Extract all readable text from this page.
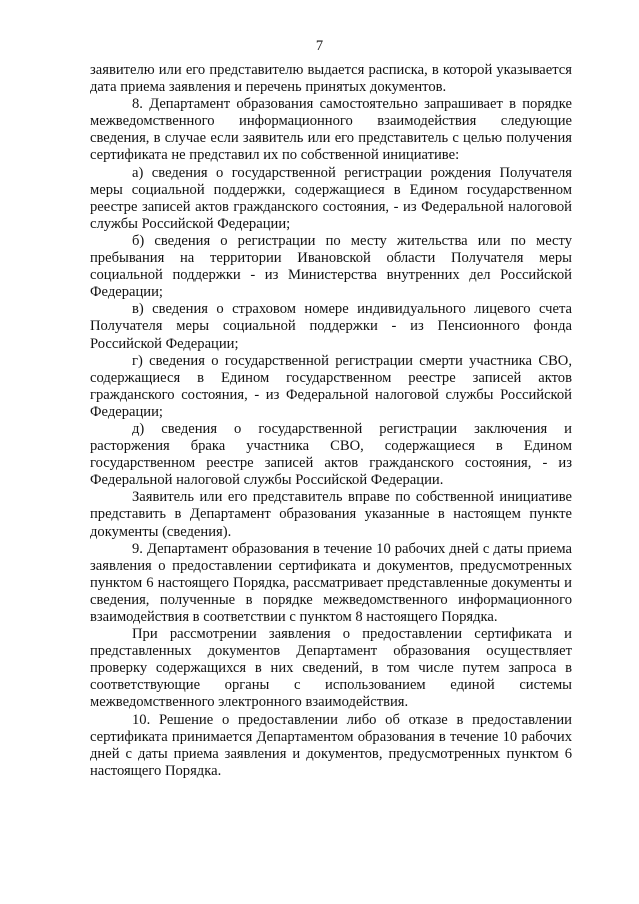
7

заявителю или его представителю выдается расписка, в которой указывается дата приема заявления и перечень принятых документов.

8. Департамент образования самостоятельно запрашивает в порядке межведомственного информационного взаимодействия следующие сведения, в случае если заявитель или его представитель с целью получения сертификата не представил их по собственной инициативе:

а) сведения о государственной регистрации рождения Получателя меры социальной поддержки, содержащиеся в Едином государственном реестре записей актов гражданского состояния, - из Федеральной налоговой службы Российской Федерации;

б) сведения о регистрации по месту жительства или по месту пребывания на территории Ивановской области Получателя меры социальной поддержки - из Министерства внутренних дел Российской Федерации;

в) сведения о страховом номере индивидуального лицевого счета Получателя меры социальной поддержки - из Пенсионного фонда Российской Федерации;

г) сведения о государственной регистрации смерти участника СВО, содержащиеся в Едином государственном реестре записей актов гражданского состояния, - из Федеральной налоговой службы Российской Федерации;

д) сведения о государственной регистрации заключения и расторжения брака участника СВО, содержащиеся в Едином государственном реестре записей актов гражданского состояния, - из Федеральной налоговой службы Российской Федерации.

Заявитель или его представитель вправе по собственной инициативе представить в Департамент образования указанные в настоящем пункте документы (сведения).

9. Департамент образования в течение 10 рабочих дней с даты приема заявления о предоставлении сертификата и документов, предусмотренных пунктом 6 настоящего Порядка, рассматривает представленные документы и сведения, полученные в порядке межведомственного информационного взаимодействия в соответствии с пунктом 8 настоящего Порядка.

При рассмотрении заявления о предоставлении сертификата и представленных документов Департамент образования осуществляет проверку содержащихся в них сведений, в том числе путем запроса в соответствующие органы с использованием единой системы межведомственного электронного взаимодействия.

10. Решение о предоставлении либо об отказе в предоставлении сертификата принимается Департаментом образования в течение 10 рабочих дней с даты приема заявления и документов, предусмотренных пунктом 6 настоящего Порядка.
